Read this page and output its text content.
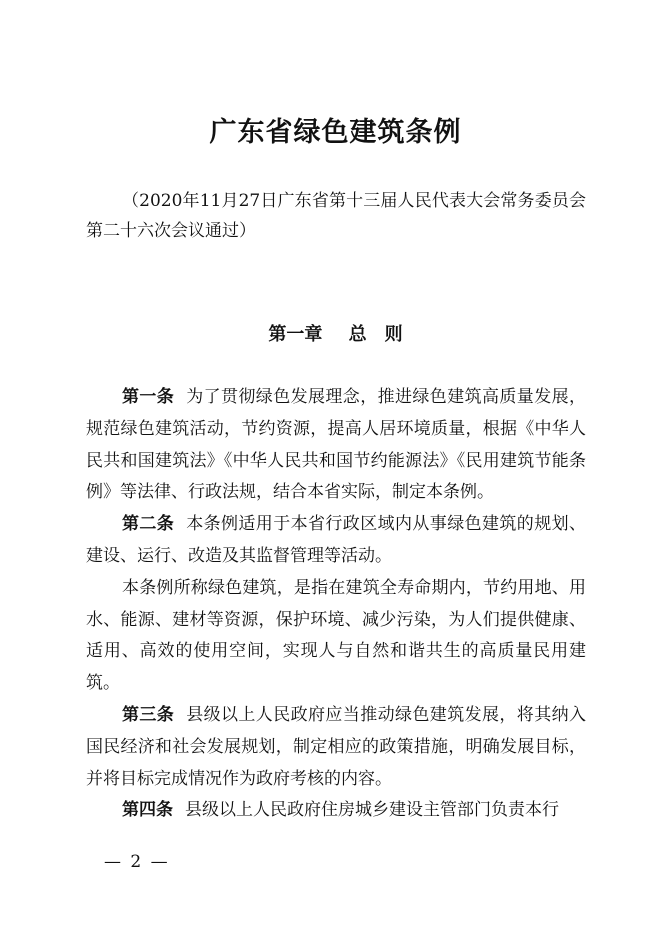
广东省绿色建筑条例
（2020年11月27日广东省第十三届人民代表大会常务委员会第二十六次会议通过）
第一章 总　则

第一条 为了贯彻绿色发展理念，推进绿色建筑高质量发展，规范绿色建筑活动，节约资源，提高人居环境质量，根据《中华人民共和国建筑法》《中华人民共和国节约能源法》《民用建筑节能条例》等法律、行政法规，结合本省实际，制定本条例。

第二条 本条例适用于本省行政区域内从事绿色建筑的规划、建设、运行、改造及其监督管理等活动。

本条例所称绿色建筑，是指在建筑全寿命期内，节约用地、用水、能源、建材等资源，保护环境、减少污染，为人们提供健康、适用、高效的使用空间，实现人与自然和谐共生的高质量民用建筑。

第三条 县级以上人民政府应当推动绿色建筑发展，将其纳入国民经济和社会发展规划，制定相应的政策措施，明确发展目标，并将目标完成情况作为政府考核的内容。

第四条 县级以上人民政府住房城乡建设主管部门负责本行

— 2 —
